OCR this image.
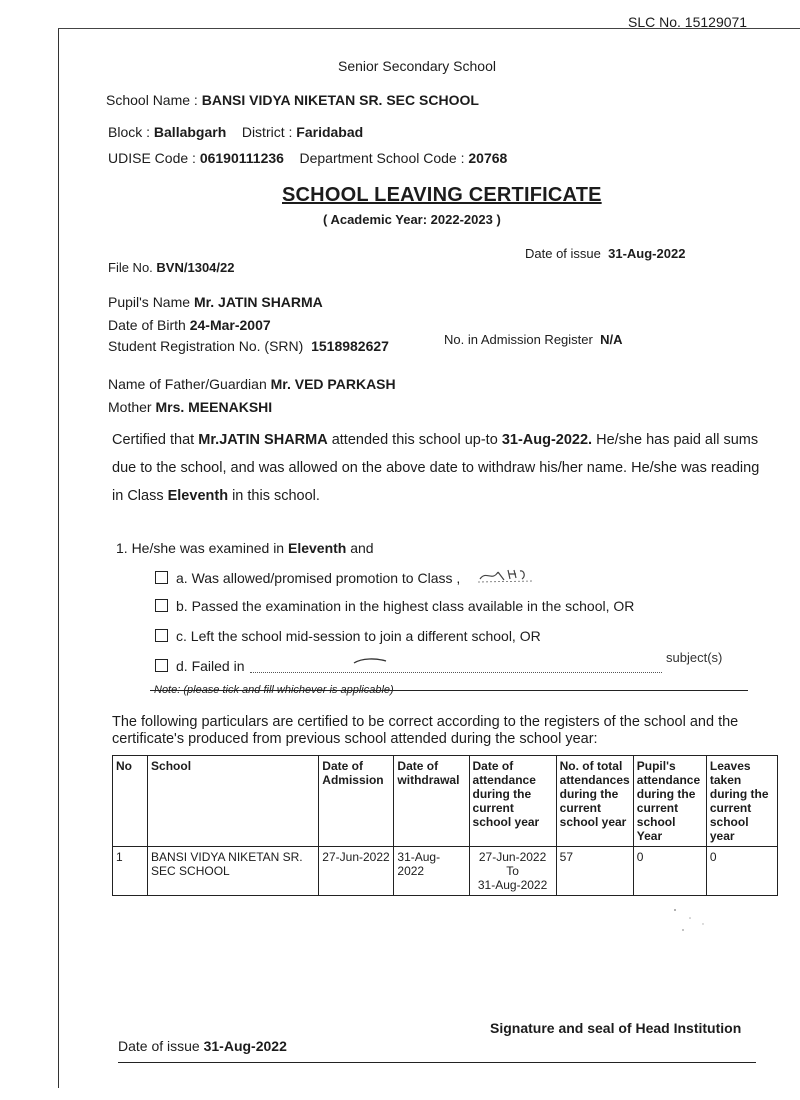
SLC No. 15129071
Senior Secondary School
School Name : BANSI VIDYA NIKETAN SR. SEC SCHOOL
Block : Ballabgarh District : Faridabad
UDISE Code : 06190111236 Department School Code : 20768
SCHOOL LEAVING CERTIFICATE
( Academic Year: 2022-2023 )
File No. BVN/1304/22
Date of issue 31-Aug-2022
Pupil's Name Mr. JATIN SHARMA
Date of Birth 24-Mar-2007
Student Registration No. (SRN) 1518982627	No. in Admission Register N/A
Name of Father/Guardian Mr. VED PARKASH
Mother Mrs. MEENAKSHI
Certified that Mr.JATIN SHARMA attended this school up-to 31-Aug-2022. He/she has paid all sums due to the school, and was allowed on the above date to withdraw his/her name. He/she was reading in Class Eleventh in this school.
1. He/she was examined in Eleventh and
a. Was allowed/promised promotion to Class ,
b. Passed the examination in the highest class available in the school, OR
c. Left the school mid-session to join a different school, OR
d. Failed in
subject(s)
Note: (please tick and fill whichever is applicable)
The following particulars are certified to be correct according to the registers of the school and the certificate's produced from previous school attended during the school year:
No	School	Date of Admission	Date of withdrawal	Date of attendance during the current school year	No. of total attendances during the current school year	Pupil's attendance during the current school Year	Leaves taken during the current school year
1	BANSI VIDYA NIKETAN SR. SEC SCHOOL	27-Jun-2022	31-Aug-2022	27-Jun-2022
To
31-Aug-2022	57	0	0
Signature and seal of Head Institution
Date of issue 31-Aug-2022
